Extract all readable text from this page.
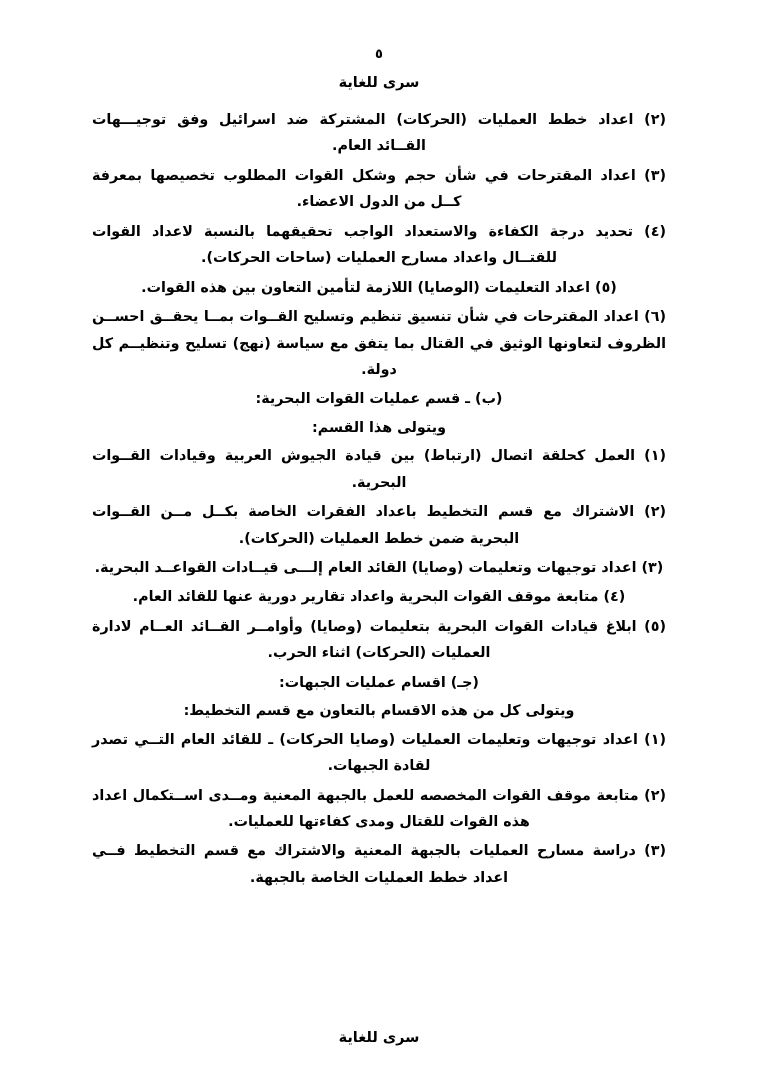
٥
سرى للغاية
(٢) اعداد خطط العمليات (الحركات) المشتركة ضد اسرائيل وفق توجيـــهات القــائد العام.
(٣) اعداد المقترحات في شأن حجم وشكل القوات المطلوب تخصيصها بمعرفة كــل من الدول الاعضاء.
(٤) تحديد درجة الكفاءة والاستعداد الواجب تحقيقهما بالنسبة لاعداد القوات للقتــال واعداد مسارح العمليات (ساحات الحركات).
(٥) اعداد التعليمات (الوصايا) اللازمة لتأمين التعاون بين هذه القوات.
(٦) اعداد المقترحات في شأن تنسيق تنظيم وتسليح القــوات بمــا يحقــق احســن الظروف لتعاونها الوثيق في القتال بما يتفق مع سياسة (نهج) تسليح وتنظيــم كل دولة.
(ب) ـ قسم عمليات القوات البحرية:
ويتولى هذا القسم:
(١) العمل كحلقة اتصال (ارتباط) بين قيادة الجيوش العربية وقيادات القــوات البحرية.
(٢) الاشتراك مع قسم التخطيط باعداد الفقرات الخاصة بكــل مــن القــوات البحرية ضمن خطط العمليات (الحركات).
(٣) اعداد توجيهات وتعليمات (وصايا) القائد العام إلـــى قيــادات القواعــد البحرية.
(٤) متابعة موقف القوات البحرية واعداد تقارير دورية عنها للقائد العام.
(٥) ابلاغ قيادات القوات البحرية بتعليمات (وصايا) وأوامــر القــائد العــام لادارة العمليات (الحركات) اثناء الحرب.
(جـ) اقسام عمليات الجبهات:
ويتولى كل من هذه الاقسام بالتعاون مع قسم التخطيط:
(١) اعداد توجيهات وتعليمات العمليات (وصايا الحركات) ـ للقائد العام التــي تصدر لقادة الجبهات.
(٢) متابعة موقف القوات المخصصه للعمل بالجبهة المعنية ومــدى اســتكمال اعداد هذه القوات للقتال ومدى كفاءتها للعمليات.
(٣) دراسة مسارح العمليات بالجبهة المعنية والاشتراك مع قسم التخطيط فــي اعداد خطط العمليات الخاصة بالجبهة.
سرى للغاية
